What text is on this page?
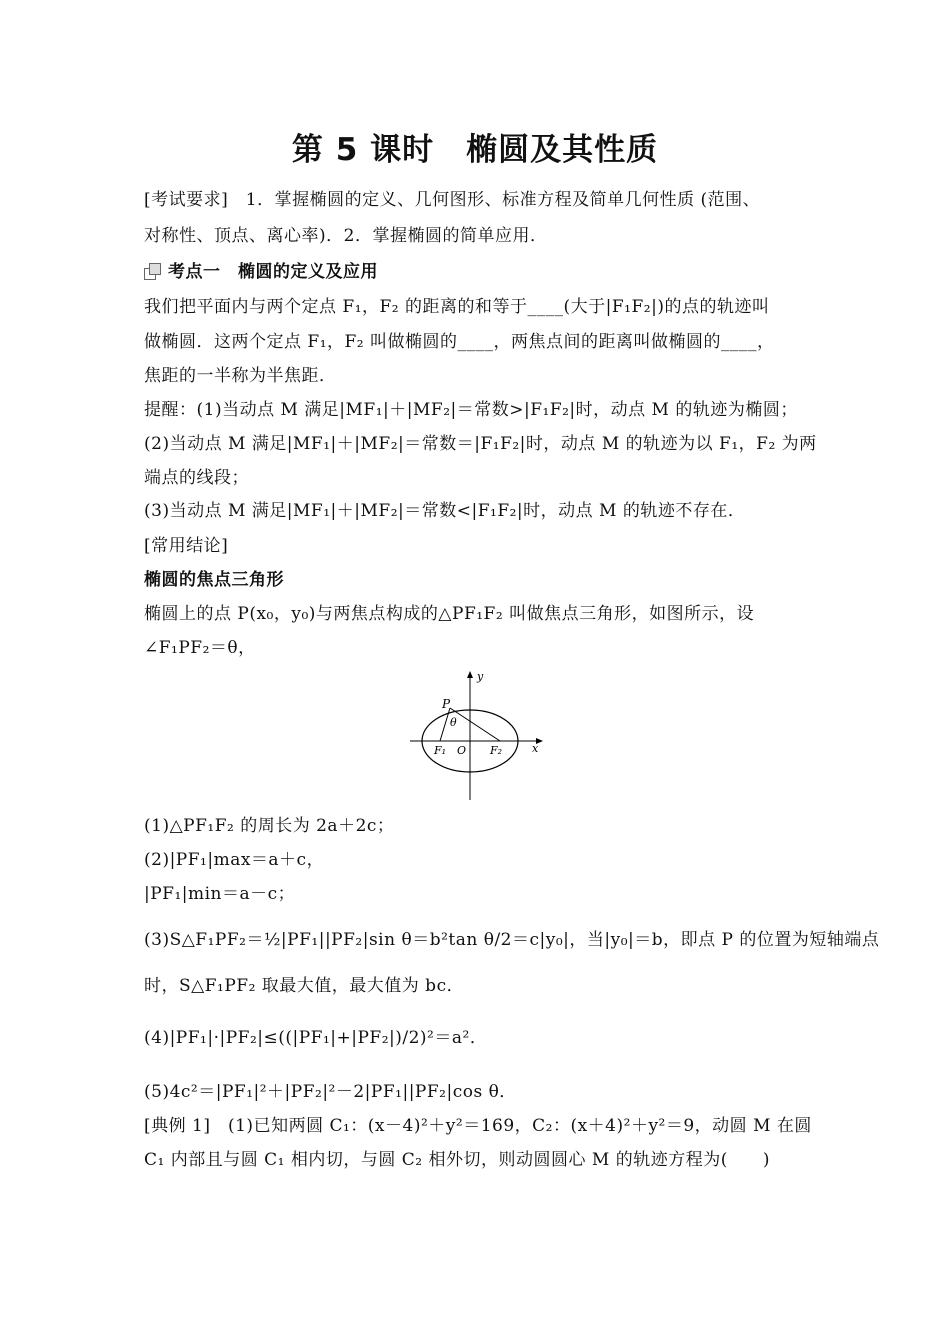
第 5 课时　椭圆及其性质
[考试要求]　1．掌握椭圆的定义、几何图形、标准方程及简单几何性质 (范围、
对称性、顶点、离心率)．2．掌握椭圆的简单应用．
考点一　椭圆的定义及应用
我们把平面内与两个定点 F₁，F₂ 的距离的和等于____(大于|F₁F₂|)的点的轨迹叫
做椭圆．这两个定点 F₁，F₂ 叫做椭圆的____，两焦点间的距离叫做椭圆的____，
焦距的一半称为半焦距．
提醒：(1)当动点 M 满足|MF₁|＋|MF₂|＝常数>|F₁F₂|时，动点 M 的轨迹为椭圆；
(2)当动点 M 满足|MF₁|＋|MF₂|＝常数＝|F₁F₂|时，动点 M 的轨迹为以 F₁，F₂ 为两
端点的线段；
(3)当动点 M 满足|MF₁|＋|MF₂|＝常数<|F₁F₂|时，动点 M 的轨迹不存在．
[常用结论]
椭圆的焦点三角形
椭圆上的点 P(x₀，y₀)与两焦点构成的△PF₁F₂ 叫做焦点三角形，如图所示，设
∠F₁PF₂＝θ，
y
x
P
θ
F₁ O F₂
(1)△PF₁F₂ 的周长为 2a＋2c；
(2)|PF₁|max＝a＋c，
|PF₁|min＝a－c；
(3)S△F₁PF₂＝½|PF₁||PF₂|sin θ＝b²tan θ/2＝c|y₀|，当|y₀|＝b，即点 P 的位置为短轴端点
时，S△F₁PF₂ 取最大值，最大值为 bc．
(4)|PF₁|·|PF₂|≤((|PF₁|+|PF₂|)/2)²＝a²．
(5)4c²＝|PF₁|²＋|PF₂|²－2|PF₁||PF₂|cos θ．
[典例 1]　(1)已知两圆 C₁：(x－4)²＋y²＝169，C₂：(x＋4)²＋y²＝9，动圆 M 在圆
C₁ 内部且与圆 C₁ 相内切，与圆 C₂ 相外切，则动圆圆心 M 的轨迹方程为(　　)
